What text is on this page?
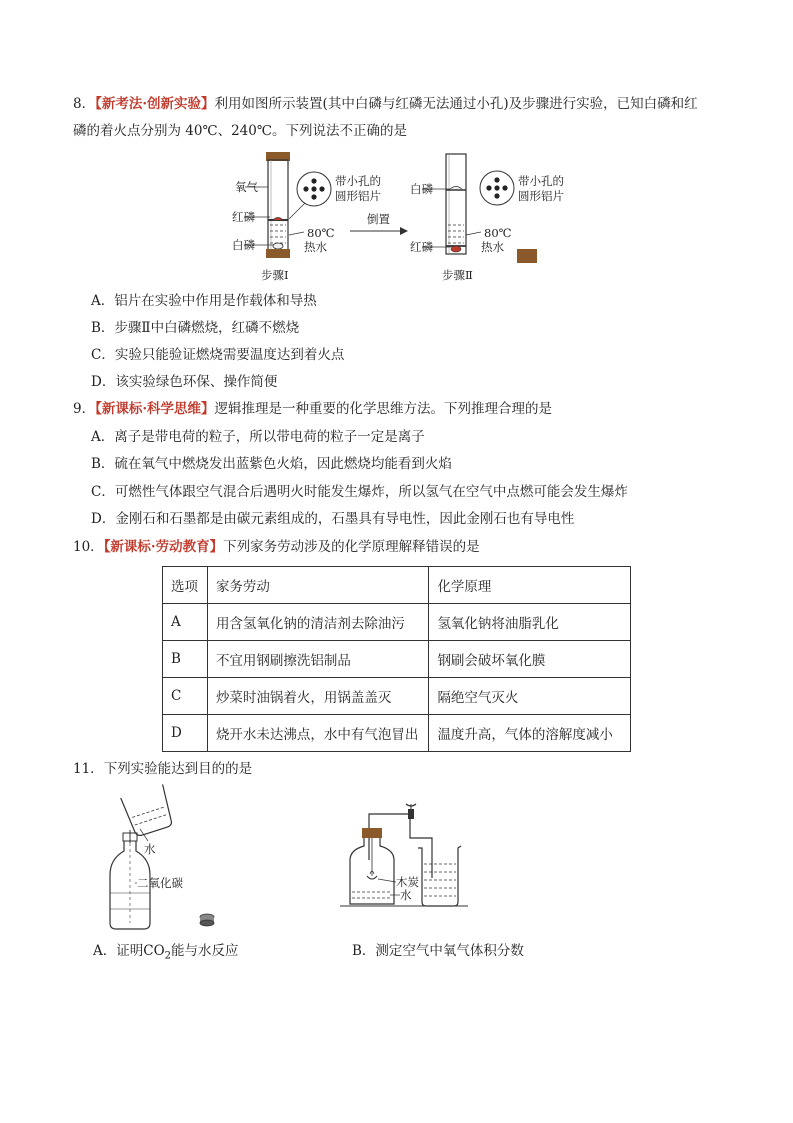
8．【新考法·创新实验】利用如图所示装置(其中白磷与红磷无法通过小孔)及步骤进行实验，已知白磷和红
磷的着火点分别为 40℃、240℃。下列说法不正确的是
氧气
红磷
白磷
带小孔的
圆形铝片
80℃
热水
步骤Ⅰ
倒置
白磷
红磷
带小孔的
圆形铝片
80℃
热水
步骤Ⅱ
A．铝片在实验中作用是作载体和导热
B．步骤Ⅱ中白磷燃烧，红磷不燃烧
C．实验只能验证燃烧需要温度达到着火点
D．该实验绿色环保、操作简便
9．【新课标·科学思维】逻辑推理是一种重要的化学思维方法。下列推理合理的是
A．离子是带电荷的粒子，所以带电荷的粒子一定是离子
B．硫在氧气中燃烧发出蓝紫色火焰，因此燃烧均能看到火焰
C．可燃性气体跟空气混合后遇明火时能发生爆炸，所以氢气在空气中点燃可能会发生爆炸
D．金刚石和石墨都是由碳元素组成的，石墨具有导电性，因此金刚石也有导电性
10．【新课标·劳动教育】下列家务劳动涉及的化学原理解释错误的是
选项	家务劳动	化学原理
A	用含氢氧化钠的清洁剂去除油污	氢氧化钠将油脂乳化
B	不宜用钢刷擦洗铝制品	钢刷会破坏氧化膜
C	炒菜时油锅着火，用锅盖盖灭	隔绝空气灭火
D	烧开水未达沸点，水中有气泡冒出	温度升高，气体的溶解度减小
11．下列实验能达到目的的是
水
二氧化碳	木炭
水
A．证明$CO_2$能与水反应	B．测定空气中氧气体积分数
